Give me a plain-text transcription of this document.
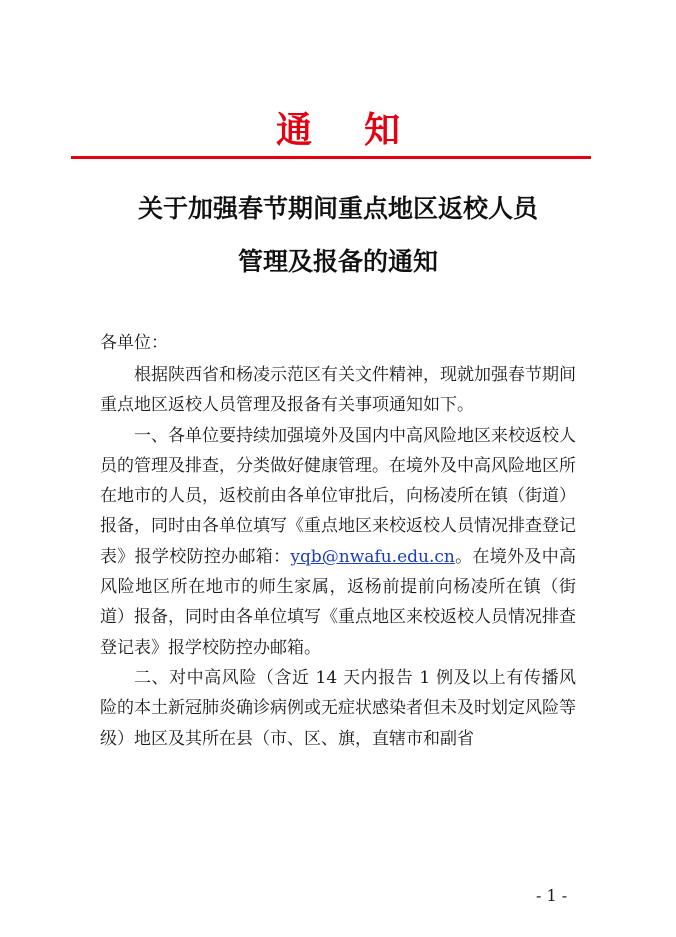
通 知
关于加强春节期间重点地区返校人员
管理及报备的通知
各单位：

根据陕西省和杨凌示范区有关文件精神，现就加强春节期间重点地区返校人员管理及报备有关事项通知如下。

一、各单位要持续加强境外及国内中高风险地区来校返校人员的管理及排查，分类做好健康管理。在境外及中高风险地区所在地市的人员，返校前由各单位审批后，向杨凌所在镇（街道）报备，同时由各单位填写《重点地区来校返校人员情况排查登记表》报学校防控办邮箱：yqb@nwafu.edu.cn。在境外及中高风险地区所在地市的师生家属，返杨前提前向杨凌所在镇（街道）报备，同时由各单位填写《重点地区来校返校人员情况排查登记表》报学校防控办邮箱。

二、对中高风险（含近 14 天内报告 1 例及以上有传播风险的本土新冠肺炎确诊病例或无症状感染者但未及时划定风险等级）地区及其所在县（市、区、旗，直辖市和副省

- 1 -
